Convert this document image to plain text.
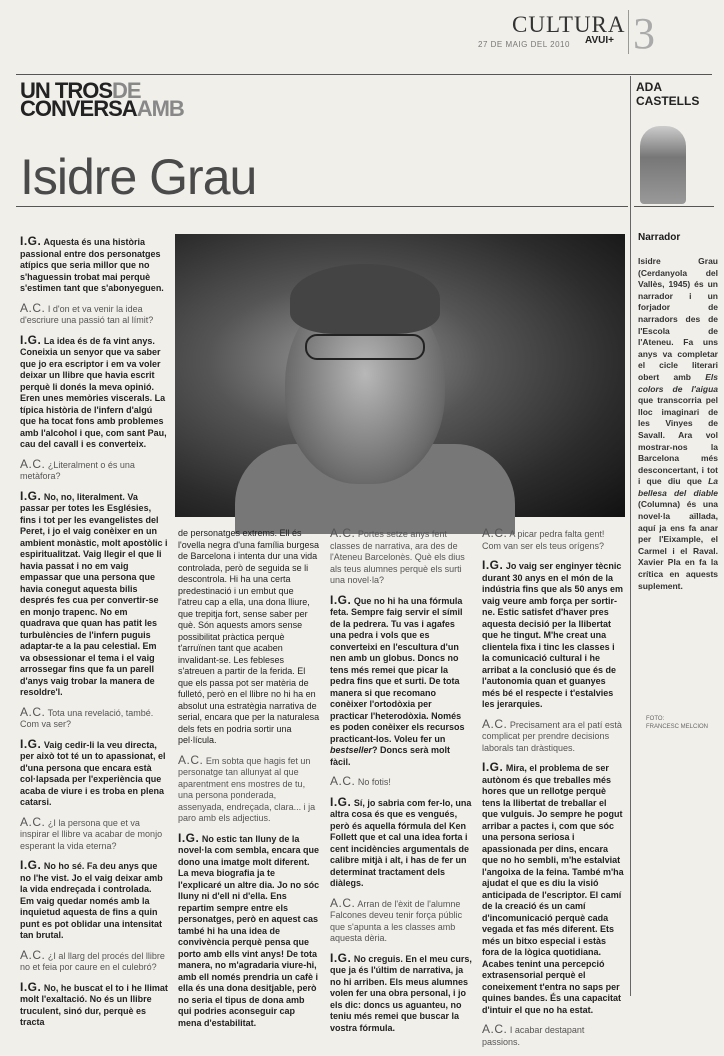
CULTURA 3
27 DE MAIG DEL 2010 AVUI+
UN TROSDE
CONVERSAAMB
Isidre Grau
ADA
CASTELLS
Narrador
Isidre Grau (Cerdanyola del Vallès, 1945) és un narrador i un forjador de narradors des de l'Escola de l'Ateneu. Fa uns anys va completar el cicle literari obert amb Els colors de l'aigua que transcorria pel lloc imaginari de les Vinyes de Savall. Ara vol mostrar-nos la Barcelona més desconcertant, i tot i que diu que La bellesa del diable (Columna) és una novel·la aïllada, aquí ja ens fa anar per l'Eixample, el Carmel i el Raval. Xavier Pla en fa la crítica en aquests suplement.
FOTO:
FRANCESC MELCION

I.G. Aquesta és una història passional entre dos personatges atípics que seria millor que no s'haguessin trobat mai perquè s'estimen tant que s'abonyeguen.

A.C. I d'on et va venir la idea d'escriure una passió tan al límit?

I.G. La idea és de fa vint anys. Coneixia un senyor que va saber que jo era escriptor i em va voler deixar un llibre que havia escrit perquè li donés la meva opinió. Eren unes memòries viscerals. La típica història de l'infern d'algú que ha tocat fons amb problemes amb l'alcohol i que, com sant Pau, cau del cavall i es converteix.

A.C. ¿Literalment o és una metàfora?

I.G. No, no, literalment. Va passar per totes les Esglésies, fins i tot per les evangelistes del Peret, i jo el vaig conèixer en un ambient monàstic, molt apostòlic i espiritualitzat. Vaig llegir el que li havia passat i no em vaig empassar que una persona que havia conegut aquesta bilis després fes cua per convertir-se en monjo trapenc. No em quadrava que quan has patit les turbulències de l'infern puguis adaptar-te a la pau celestial. Em va obsessionar el tema i el vaig arrossegar fins que fa un parell d'anys vaig trobar la manera de resoldre'l.

A.C. Tota una revelació, també. Com va ser?

I.G. Vaig cedir-li la veu directa, per això tot té un to apassionat, el d'una persona que encara està col·lapsada per l'experiència que acaba de viure i es troba en plena catarsi.

A.C. ¿I la persona que et va inspirar el llibre va acabar de monjo esperant la vida eterna?

I.G. No ho sé. Fa deu anys que no l'he vist. Jo el vaig deixar amb la vida endreçada i controlada. Em vaig quedar només amb la inquietud aquesta de fins a quin punt es pot oblidar una intensitat tan brutal.

A.C. ¿I al llarg del procés del llibre no et feia por caure en el culebró?

I.G. No, he buscat el to i he llimat molt l'exaltació. No és un llibre truculent, sinó dur, perquè es tracta

de personatges extrems. Ell és l'ovella negra d'una família burgesa de Barcelona i intenta dur una vida controlada, però de seguida se li descontrola. Hi ha una certa predestinació i un embut que l'atreu cap a ella, una dona lliure, que trepitja fort, sense saber per què. Són aquests amors sense possibilitat pràctica perquè t'arruïnen tant que acaben invalidant-se. Les febleses s'atreuen a partir de la ferida. El que els passa pot ser matèria de fulletó, però en el llibre no hi ha en absolut una estratègia narrativa de serial, encara que per la naturalesa dels fets en podria sortir una pel·lícula.

A.C. Em sobta que hagis fet un personatge tan allunyat al que aparentment ens mostres de tu, una persona ponderada, assenyada, endreçada, clara... i ja paro amb els adjectius.

I.G. No estic tan lluny de la novel·la com sembla, encara que dono una imatge molt diferent. La meva biografia ja te l'explicaré un altre dia. Jo no sóc lluny ni d'ell ni d'ella. Ens repartim sempre entre els personatges, però en aquest cas també hi ha una idea de convivència perquè pensa que porto amb ells vint anys! De tota manera, no m'agradaria viure-hi, amb ell només prendria un cafè i ella és una dona desitjable, però no seria el tipus de dona amb qui podries aconseguir cap mena d'estabilitat.

A.C. Portes setze anys fent classes de narrativa, ara des de l'Ateneu Barcelonès. Què els dius als teus alumnes perquè els surti una novel·la?

I.G. Que no hi ha una fórmula feta. Sempre faig servir el símil de la pedrera. Tu vas i agafes una pedra i vols que es converteixi en l'escultura d'un nen amb un globus. Doncs no tens més remei que picar la pedra fins que et surti. De tota manera si que recomano conèixer l'ortodòxia per practicar l'heterodòxia. Només es poden conèixer els recursos practicant-los. Voleu fer un bestseller? Doncs serà molt fàcil.

A.C. No fotis!

I.G. Sí, jo sabria com fer-lo, una altra cosa és que es vengués, però és aquella fórmula del Ken Follett que et cal una idea forta i cent incidències argumentals de calibre mitjà i alt, i has de fer un determinat tractament dels diàlegs.

A.C. Arran de l'èxit de l'alumne Falcones deveu tenir força públic que s'apunta a les classes amb aquesta dèria.

I.G. No creguis. En el meu curs, que ja és l'últim de narrativa, ja no hi arriben. Els meus alumnes volen fer una obra personal, i jo els dic: doncs us aguanteu, no teniu més remei que buscar la vostra fórmula.

A.C. A picar pedra falta gent! Com van ser els teus orígens?

I.G. Jo vaig ser enginyer tècnic durant 30 anys en el món de la indústria fins que als 50 anys em vaig veure amb força per sortir-ne. Estic satisfet d'haver pres aquesta decisió per la llibertat que he tingut. M'he creat una clientela fixa i tinc les classes i la comunicació cultural i he arribat a la conclusió que és de l'autonomia quan et guanyes més bé el respecte i t'estalvies les jerarquies.

A.C. Precisament ara el patí està complicat per prendre decisions laborals tan dràstiques.

I.G. Mira, el problema de ser autònom és que treballes més hores que un rellotge perquè tens la llibertat de treballar el que vulguis. Jo sempre he pogut arribar a pactes i, com que sóc una persona seriosa i apassionada per dins, encara que no ho sembli, m'he estalviat l'angoixa de la feina. També m'ha ajudat el que es diu la visió anticipada de l'escriptor. El camí de la creació és un camí d'incomunicació perquè cada vegada et fas més diferent. Ets més un bitxo especial i estàs fora de la lògica quotidiana. Acabes tenint una percepció extrasensorial perquè el coneixement t'entra no saps per quines bandes. És una capacitat d'intuir el que no ha estat.

A.C. I acabar destapant passions.
